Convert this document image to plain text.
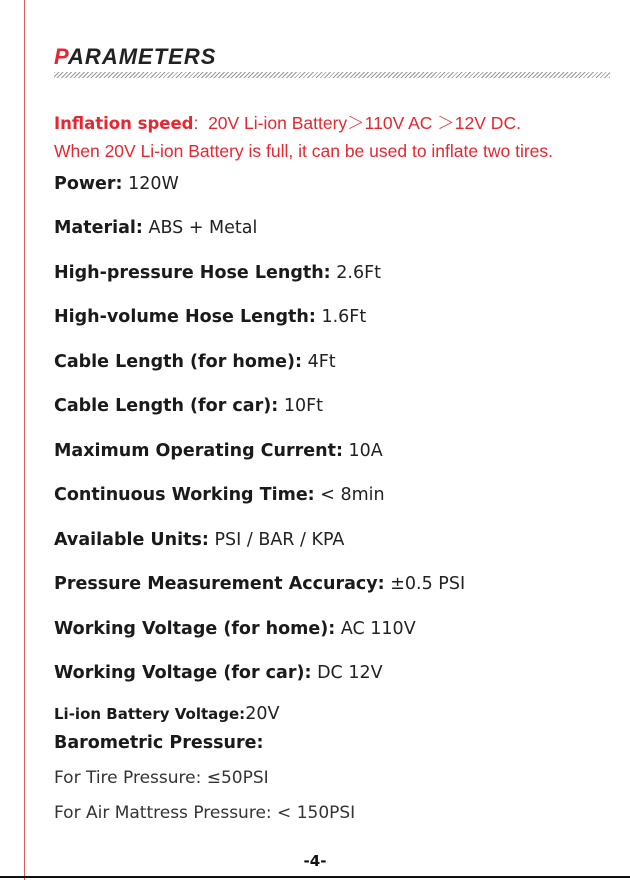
PARAMETERS

Inflation speed: 20V Li-ion Battery＞110V AC ＞12V DC.

When 20V Li-ion Battery is full, it can be used to inflate two tires.

Power: 120W

Material: ABS + Metal

High-pressure Hose Length: 2.6Ft

High-volume Hose Length: 1.6Ft

Cable Length (for home): 4Ft

Cable Length (for car): 10Ft

Maximum Operating Current: 10A

Continuous Working Time: < 8min

Available Units: PSI / BAR / KPA

Pressure Measurement Accuracy: ±0.5 PSI

Working Voltage (for home): AC 110V

Working Voltage (for car): DC 12V

Li-ion Battery Voltage:20V

Barometric Pressure:

For Tire Pressure: ≤50PSI

For Air Mattress Pressure: < 150PSI

-4-
